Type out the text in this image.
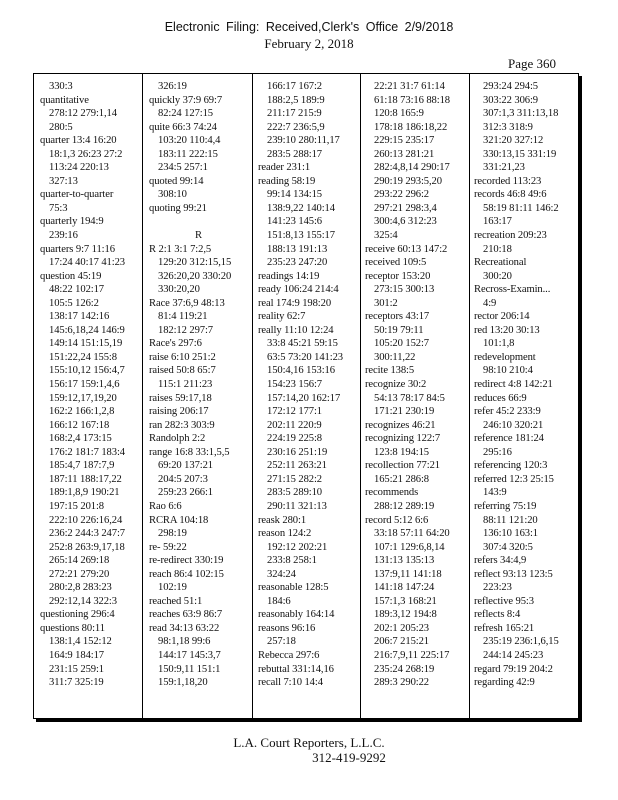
Electronic Filing: Received,Clerk's Office 2/9/2018
February 2, 2018
Page 360
330:3
quantitative
278:12 279:1,14
280:5
quarter 13:4 16:20
18:1,3 26:23 27:2
113:24 220:13
327:13
quarter-to-quarter
75:3
quarterly 194:9
239:16
quarters 9:7 11:16
17:24 40:17 41:23
question 45:19
48:22 102:17
105:5 126:2
138:17 142:16
145:6,18,24 146:9
149:14 151:15,19
151:22,24 155:8
155:10,12 156:4,7
156:17 159:1,4,6
159:12,17,19,20
162:2 166:1,2,8
166:12 167:18
168:2,4 173:15
176:2 181:7 183:4
185:4,7 187:7,9
187:11 188:17,22
189:1,8,9 190:21
197:15 201:8
222:10 226:16,24
236:2 244:3 247:7
252:8 263:9,17,18
265:14 269:18
272:21 279:20
280:2,8 283:23
292:12,14 322:3
questioning 296:4
questions 80:11
138:1,4 152:12
164:9 184:17
231:15 259:1
311:7 325:19
326:19
quickly 37:9 69:7
82:24 127:15
quite 66:3 74:24
103:20 110:4,4
183:11 222:15
234:5 257:1
quoted 99:14
308:10
quoting 99:21
R
R 2:1 3:1 7:2,5
129:20 312:15,15
326:20,20 330:20
330:20,20
Race 37:6,9 48:13
81:4 119:21
182:12 297:7
Race's 297:6
raise 6:10 251:2
raised 50:8 65:7
115:1 211:23
raises 59:17,18
raising 206:17
ran 282:3 303:9
Randolph 2:2
range 16:8 33:1,5,5
69:20 137:21
204:5 207:3
259:23 266:1
Rao 6:6
RCRA 104:18
298:19
re- 59:22
re-redirect 330:19
reach 86:4 102:15
102:19
reached 51:1
reaches 63:9 86:7
read 34:13 63:22
98:1,18 99:6
144:17 145:3,7
150:9,11 151:1
159:1,18,20
166:17 167:2
188:2,5 189:9
211:17 215:9
222:7 236:5,9
239:10 280:11,17
283:5 288:17
reader 231:1
reading 58:19
99:14 134:15
138:9,22 140:14
141:23 145:6
151:8,13 155:17
188:13 191:13
235:23 247:20
readings 14:19
ready 106:24 214:4
real 174:9 198:20
reality 62:7
really 11:10 12:24
33:8 45:21 59:15
63:5 73:20 141:23
150:4,16 153:16
154:23 156:7
157:14,20 162:17
172:12 177:1
202:11 220:9
224:19 225:8
230:16 251:19
252:11 263:21
271:15 282:2
283:5 289:10
290:11 321:13
reask 280:1
reason 124:2
192:12 202:21
233:8 258:1
324:24
reasonable 128:5
184:6
reasonably 164:14
reasons 96:16
257:18
Rebecca 297:6
rebuttal 331:14,16
recall 7:10 14:4
22:21 31:7 61:14
61:18 73:16 88:18
120:8 165:9
178:18 186:18,22
229:15 235:17
260:13 281:21
282:4,8,14 290:17
290:19 293:5,20
293:22 296:2
297:21 298:3,4
300:4,6 312:23
325:4
receive 60:13 147:2
received 109:5
receptor 153:20
273:15 300:13
301:2
receptors 43:17
50:19 79:11
105:20 152:7
300:11,22
recite 138:5
recognize 30:2
54:13 78:17 84:5
171:21 230:19
recognizes 46:21
recognizing 122:7
123:8 194:15
recollection 77:21
165:21 286:8
recommends
288:12 289:19
record 5:12 6:6
33:18 57:11 64:20
107:1 129:6,8,14
131:13 135:13
137:9,11 141:18
141:18 147:24
157:1,3 168:21
189:3,12 194:8
202:1 205:23
206:7 215:21
216:7,9,11 225:17
235:24 268:19
289:3 290:22
293:24 294:5
303:22 306:9
307:1,3 311:13,18
312:3 318:9
321:20 327:12
330:13,15 331:19
331:21,23
recorded 113:23
records 46:8 49:6
58:19 81:11 146:2
163:17
recreation 209:23
210:18
Recreational
300:20
Recross-Examin...
4:9
rector 206:14
red 13:20 30:13
101:1,8
redevelopment
98:10 210:4
redirect 4:8 142:21
reduces 66:9
refer 45:2 233:9
246:10 320:21
reference 181:24
295:16
referencing 120:3
referred 12:3 25:15
143:9
referring 75:19
88:11 121:20
136:10 163:1
307:4 320:5
refers 34:4,9
reflect 93:13 123:5
223:23
reflective 95:3
reflects 8:4
refresh 165:21
235:19 236:1,6,15
244:14 245:23
regard 79:19 204:2
regarding 42:9
L.A. Court Reporters, L.L.C.
312-419-9292
